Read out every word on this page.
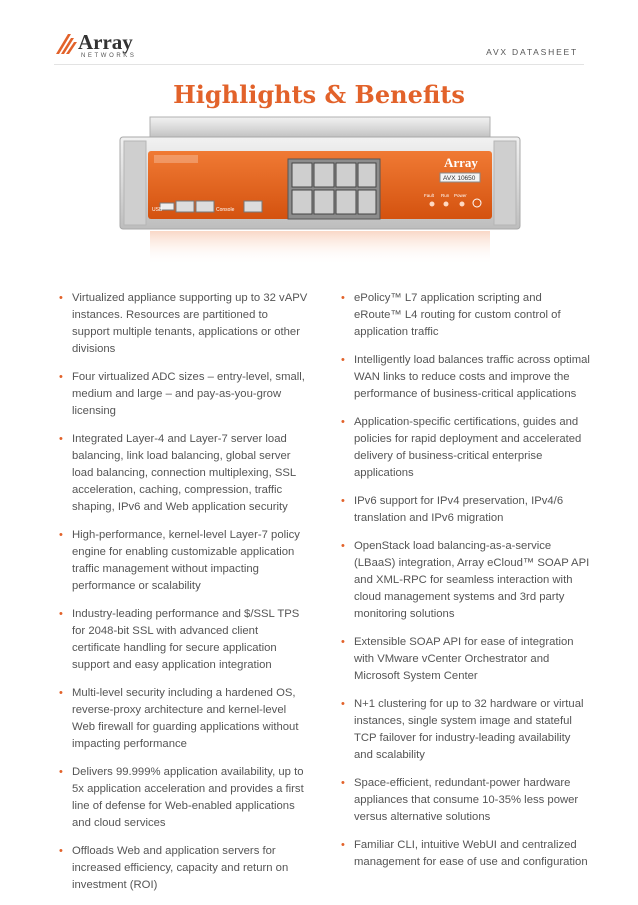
Array
NETWORKS	AVX DATASHEET
Highlights & Benefits
Array
AVX 10650
USB	Console
Fault Run Power
• Virtualized appliance supporting up to 32 vAPV instances. Resources are partitioned to support multiple tenants, applications or other divisions
• Four virtualized ADC sizes – entry-level, small, medium and large – and pay-as-you-grow licensing
• Integrated Layer-4 and Layer-7 server load balancing, link load balancing, global server load balancing, connection multiplexing, SSL acceleration, caching, compression, traffic shaping, IPv6 and Web application security
• High-performance, kernel-level Layer-7 policy engine for enabling customizable application traffic management without impacting performance or scalability
• Industry-leading performance and $/SSL TPS for 2048-bit SSL with advanced client certificate handling for secure application support and easy application integration
• Multi-level security including a hardened OS, reverse-proxy architecture and kernel-level Web firewall for guarding applications without impacting performance
• Delivers 99.999% application availability, up to 5x application acceleration and provides a first line of defense for Web-enabled applications and cloud services
• Offloads Web and application servers for increased efficiency, capacity and return on investment (ROI)
• ePolicy™ L7 application scripting and eRoute™ L4 routing for custom control of application traffic
• Intelligently load balances traffic across optimal WAN links to reduce costs and improve the performance of business-critical applications
• Application-specific certifications, guides and policies for rapid deployment and accelerated delivery of business-critical enterprise applications
• IPv6 support for IPv4 preservation, IPv4/6 translation and IPv6 migration
• OpenStack load balancing-as-a-service (LBaaS) integration, Array eCloud™ SOAP API and XML-RPC for seamless interaction with cloud management systems and 3rd party monitoring solutions
• Extensible SOAP API for ease of integration with VMware vCenter Orchestrator and Microsoft System Center
• N+1 clustering for up to 32 hardware or virtual instances, single system image and stateful TCP failover for industry-leading availability and scalability
• Space-efficient, redundant-power hardware appliances that consume 10-35% less power versus alternative solutions
• Familiar CLI, intuitive WebUI and centralized management for ease of use and configuration
